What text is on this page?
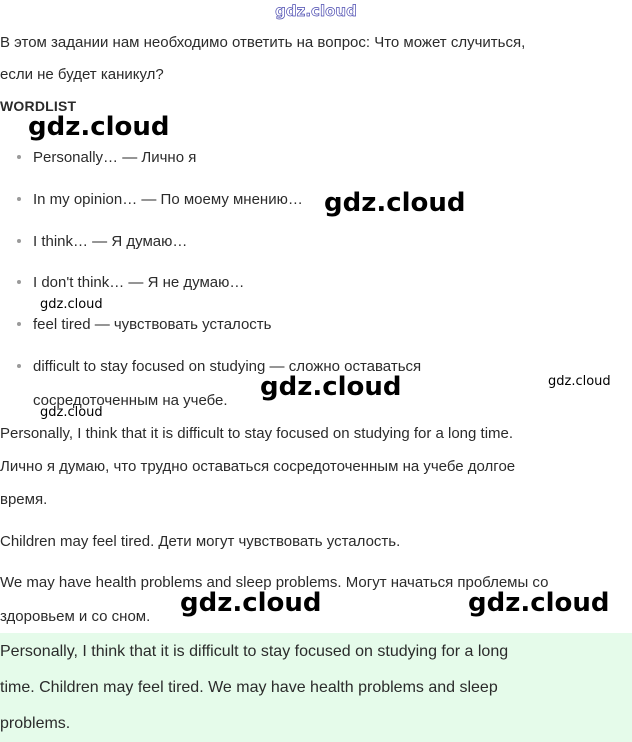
gdz.cloud
В этом задании нам необходимо ответить на вопрос: Что может случиться,
если не будет каникул?
WORDLIST
Personally… — Лично я
In my opinion… — По моему мнению…
I think… — Я думаю…
I don't think… — Я не думаю…
feel tired — чувствовать усталость
difficult to stay focused on studying — сложно оставаться
сосредоточенным на учебе.
Personally, I think that it is difficult to stay focused on studying for a long time.
Лично я думаю, что трудно оставаться сосредоточенным на учебе долгое
время.
Children may feel tired. Дети могут чувствовать усталость.
We may have health problems and sleep problems. Могут начаться проблемы со
здоровьем и со сном.
Personally, I think that it is difficult to stay focused on studying for a long
time. Children may feel tired. We may have health problems and sleep
problems.
gdz.cloud
gdz.cloud
gdz.cloud
gdz.cloud	gdz.cloud
gdz.cloud
gdz.cloud	gdz.cloud
